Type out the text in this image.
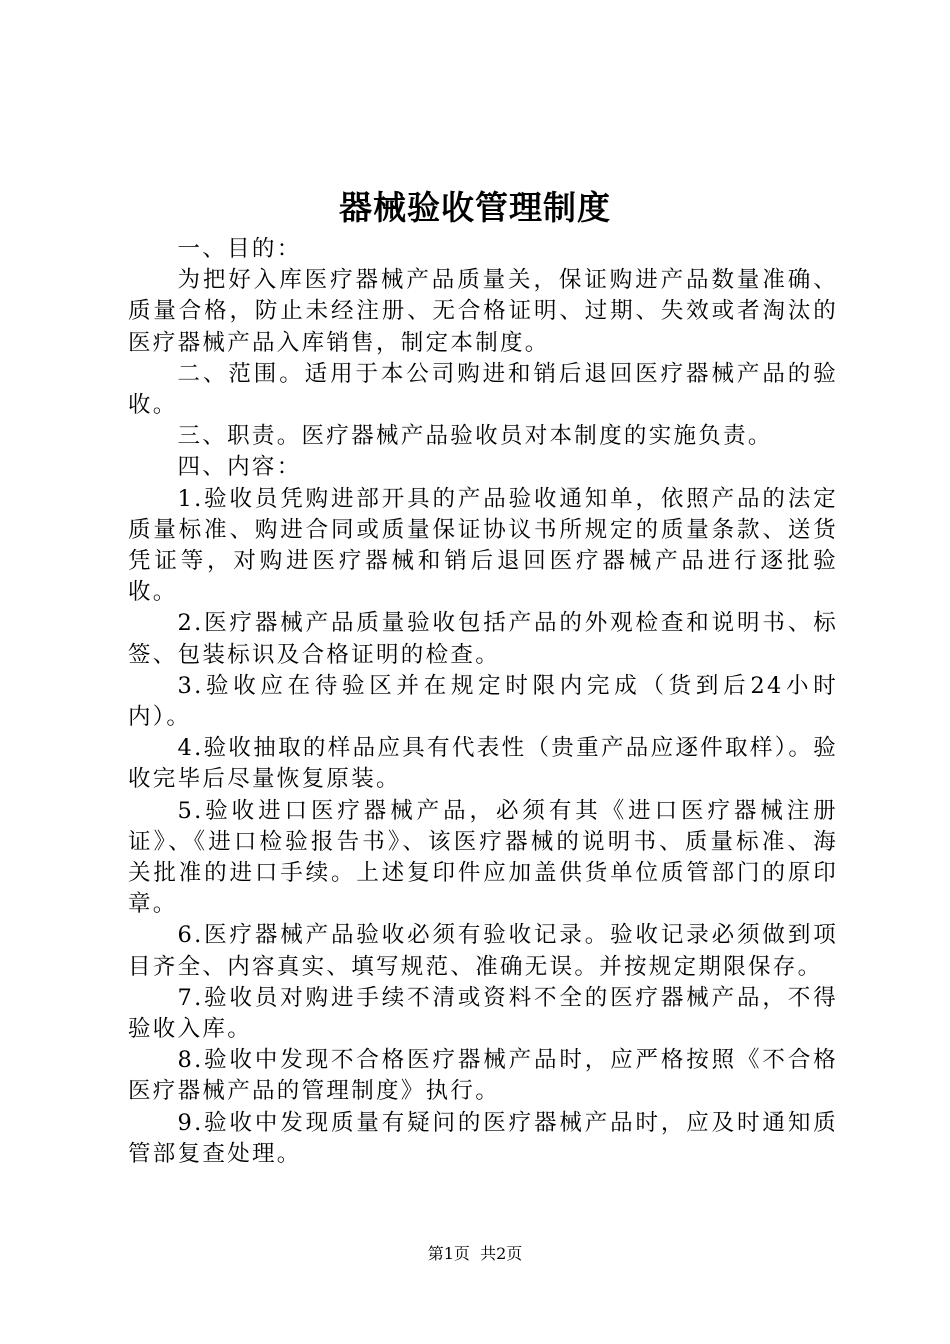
器械验收管理制度

一、目的：

为把好入库医疗器械产品质量关，保证购进产品数量准确、质量合格，防止未经注册、无合格证明、过期、失效或者淘汰的医疗器械产品入库销售，制定本制度。

二、范围。适用于本公司购进和销后退回医疗器械产品的验收。

三、职责。医疗器械产品验收员对本制度的实施负责。

四、内容：

1.验收员凭购进部开具的产品验收通知单，依照产品的法定质量标准、购进合同或质量保证协议书所规定的质量条款、送货凭证等，对购进医疗器械和销后退回医疗器械产品进行逐批验收。

2.医疗器械产品质量验收包括产品的外观检查和说明书、标签、包装标识及合格证明的检查。

3.验收应在待验区并在规定时限内完成（货到后24小时内）。

4.验收抽取的样品应具有代表性（贵重产品应逐件取样）。验收完毕后尽量恢复原装。

5.验收进口医疗器械产品，必须有其《进口医疗器械注册证》、《进口检验报告书》、该医疗器械的说明书、质量标准、海关批准的进口手续。上述复印件应加盖供货单位质管部门的原印章。

6.医疗器械产品验收必须有验收记录。验收记录必须做到项目齐全、内容真实、填写规范、准确无误。并按规定期限保存。

7.验收员对购进手续不清或资料不全的医疗器械产品，不得验收入库。

8.验收中发现不合格医疗器械产品时，应严格按照《不合格医疗器械产品的管理制度》执行。

9.验收中发现质量有疑问的医疗器械产品时，应及时通知质管部复查处理。

第1页  共2页
